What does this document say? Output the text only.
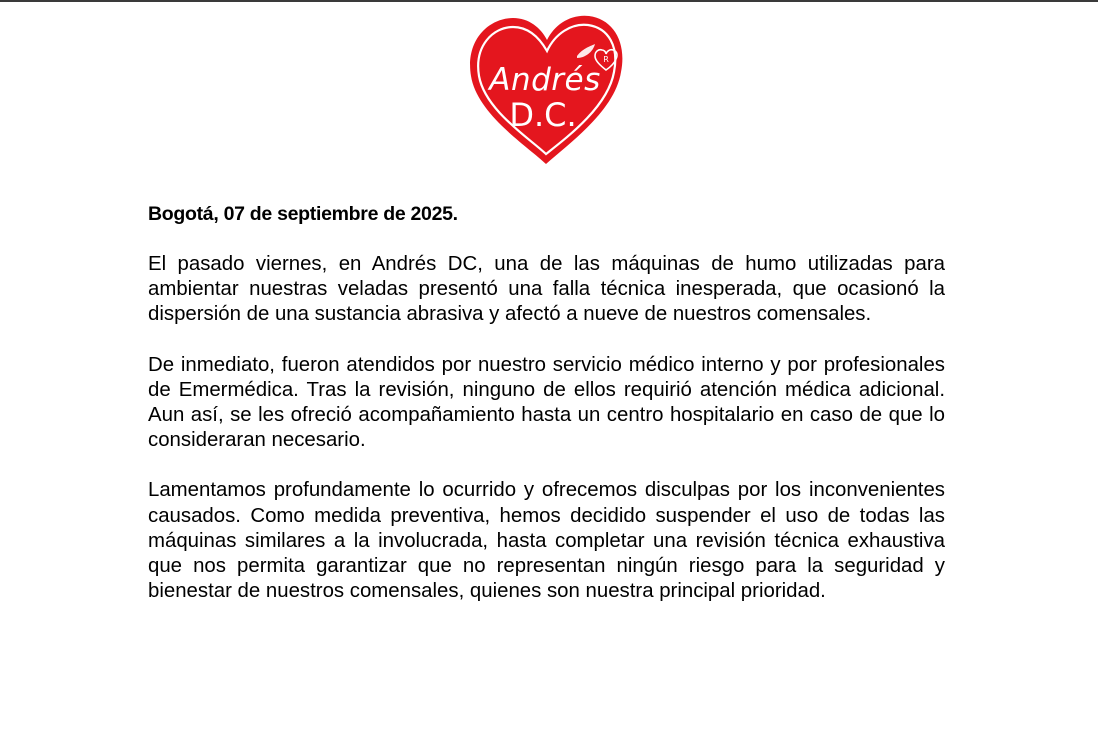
R
Andrés
D.C.

Bogotá, 07 de septiembre de 2025.

El pasado viernes, en Andrés DC, una de las máquinas de humo utilizadas para ambientar nuestras veladas presentó una falla técnica inesperada, que ocasionó la dispersión de una sustancia abrasiva y afectó a nueve de nuestros comensales.

De inmediato, fueron atendidos por nuestro servicio médico interno y por profesionales de Emermédica. Tras la revisión, ninguno de ellos requirió atención médica adicional. Aun así, se les ofreció acompañamiento hasta un centro hospitalario en caso de que lo consideraran necesario.

Lamentamos profundamente lo ocurrido y ofrecemos disculpas por los inconvenientes causados. Como medida preventiva, hemos decidido suspender el uso de todas las máquinas similares a la involucrada, hasta completar una revisión técnica exhaustiva que nos permita garantizar que no representan ningún riesgo para la seguridad y bienestar de nuestros comensales, quienes son nuestra principal prioridad.
